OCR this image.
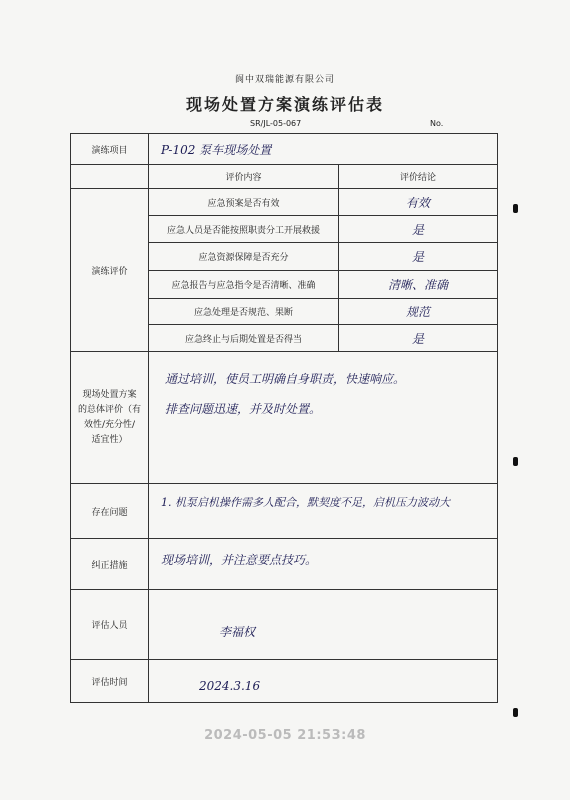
阆中双瑞能源有限公司
现场处置方案演练评估表
SR/JL-05-067	No.
演练项目	P-102 泵车现场处置	
	评价内容	评价结论
演练评价	应急预案是否有效	有效
	应急人员是否能按照职责分工开展救援	是
	应急资源保障是否充分	是
	应急报告与应急指令是否清晰、准确	清晰、准确
	应急处理是否规范、果断	规范
	应急终止与后期处置是否得当	是
现场处置方案
的总体评价（有
效性/充分性/
适宜性）	通过培训，使员工明确自身职责，快速响应。
排查问题迅速，并及时处置。	
存在问题	1. 机泵启机操作需多人配合，默契度不足，启机压力波动大	
纠正措施	现场培训，并注意要点技巧。	
评估人员	李福权	
评估时间	2024.3.16	
2024-05-05 21:53:48
